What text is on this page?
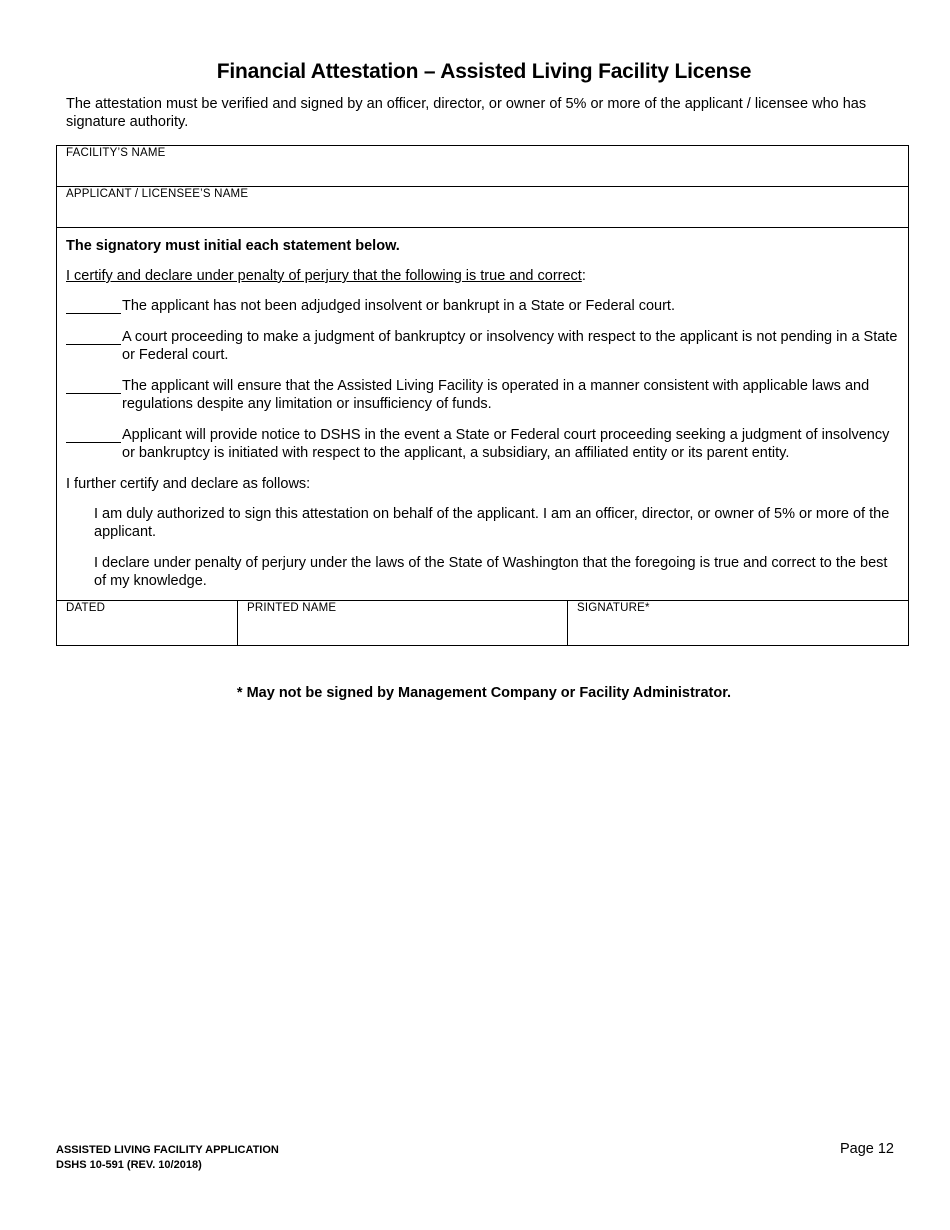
Financial Attestation – Assisted Living Facility License
The attestation must be verified and signed by an officer, director, or owner of 5% or more of the applicant / licensee who has signature authority.
FACILITY’S NAME
APPLICANT / LICENSEE’S NAME

The signatory must initial each statement below.

I certify and declare under penalty of perjury that the following is true and correct:

The applicant has not been adjudged insolvent or bankrupt in a State or Federal court.
A court proceeding to make a judgment of bankruptcy or insolvency with respect to the applicant is not pending in a State or Federal court.
The applicant will ensure that the Assisted Living Facility is operated in a manner consistent with applicable laws and regulations despite any limitation or insufficiency of funds.
Applicant will provide notice to DSHS in the event a State or Federal court proceeding seeking a judgment of insolvency or bankruptcy is initiated with respect to the applicant, a subsidiary, an affiliated entity or its parent entity.

I further certify and declare as follows:

I am duly authorized to sign this attestation on behalf of the applicant. I am an officer, director, or owner of 5% or more of the applicant.

I declare under penalty of perjury under the laws of the State of Washington that the foregoing is true and correct to the best of my knowledge.

DATED	PRINTED NAME	SIGNATURE*
* May not be signed by Management Company or Facility Administrator.
ASSISTED LIVING FACILITY APPLICATION
DSHS 10-591 (REV. 10/2018)
Page 12
